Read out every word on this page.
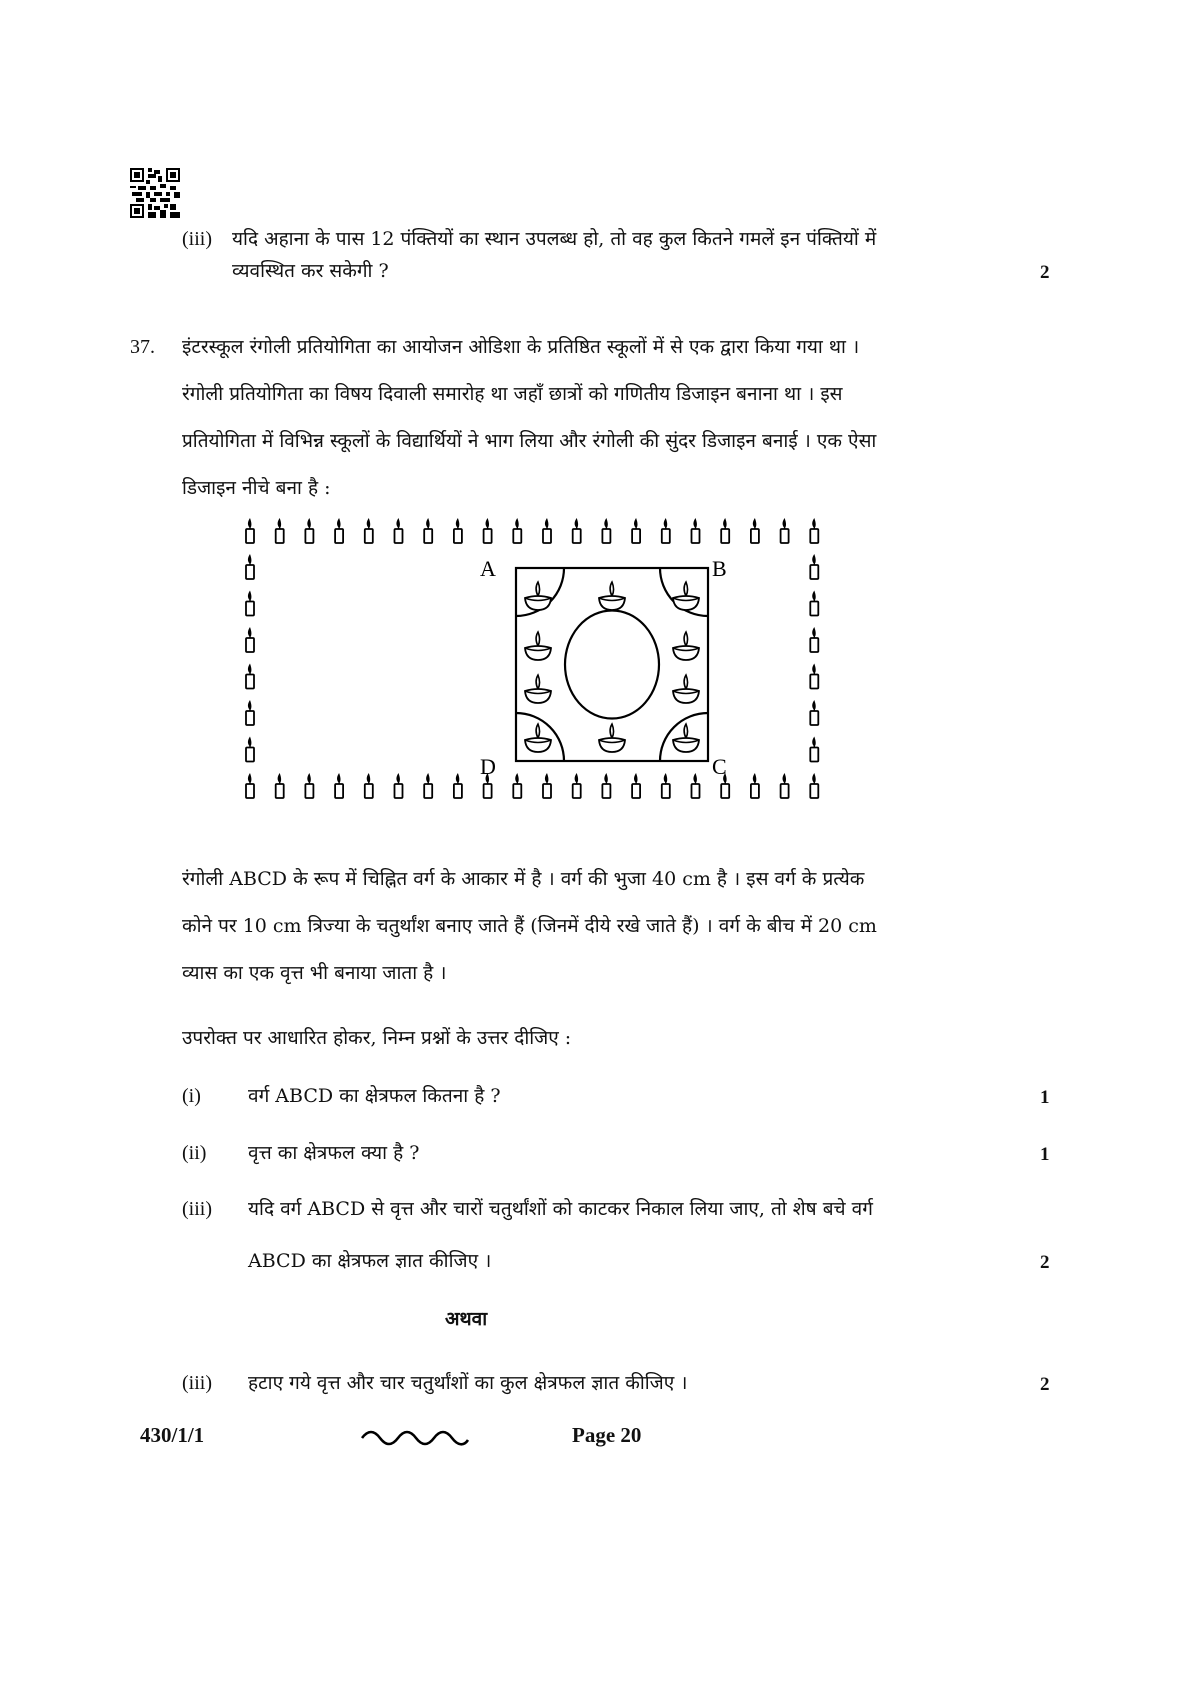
(iii) यदि अहाना के पास 12 पंक्तियों का स्थान उपलब्ध हो, तो वह कुल कितने गमलें इन पंक्तियों में
व्यवस्थित कर सकेगी ?	2
37. इंटरस्कूल रंगोली प्रतियोगिता का आयोजन ओडिशा के प्रतिष्ठित स्कूलों में से एक द्वारा किया गया था ।
रंगोली प्रतियोगिता का विषय दिवाली समारोह था जहाँ छात्रों को गणितीय डिजाइन बनाना था । इस
प्रतियोगिता में विभिन्न स्कूलों के विद्यार्थियों ने भाग लिया और रंगोली की सुंदर डिजाइन बनाई । एक ऐसा
डिजाइन नीचे बना है :
A	B
C
D
रंगोली ABCD के रूप में चिह्नित वर्ग के आकार में है । वर्ग की भुजा 40 cm है । इस वर्ग के प्रत्येक
कोने पर 10 cm त्रिज्या के चतुर्थांश बनाए जाते हैं (जिनमें दीये रखे जाते हैं) । वर्ग के बीच में 20 cm
व्यास का एक वृत्त भी बनाया जाता है ।
उपरोक्त पर आधारित होकर, निम्न प्रश्नों के उत्तर दीजिए :
(i) वर्ग ABCD का क्षेत्रफल कितना है ?	1
(ii) वृत्त का क्षेत्रफल क्या है ?	1
(iii) यदि वर्ग ABCD से वृत्त और चारों चतुर्थांशों को काटकर निकाल लिया जाए, तो शेष बचे वर्ग
ABCD का क्षेत्रफल ज्ञात कीजिए ।	2
अथवा
(iii) हटाए गये वृत्त और चार चतुर्थांशों का कुल क्षेत्रफल ज्ञात कीजिए ।	2
430/1/1	Page 20
